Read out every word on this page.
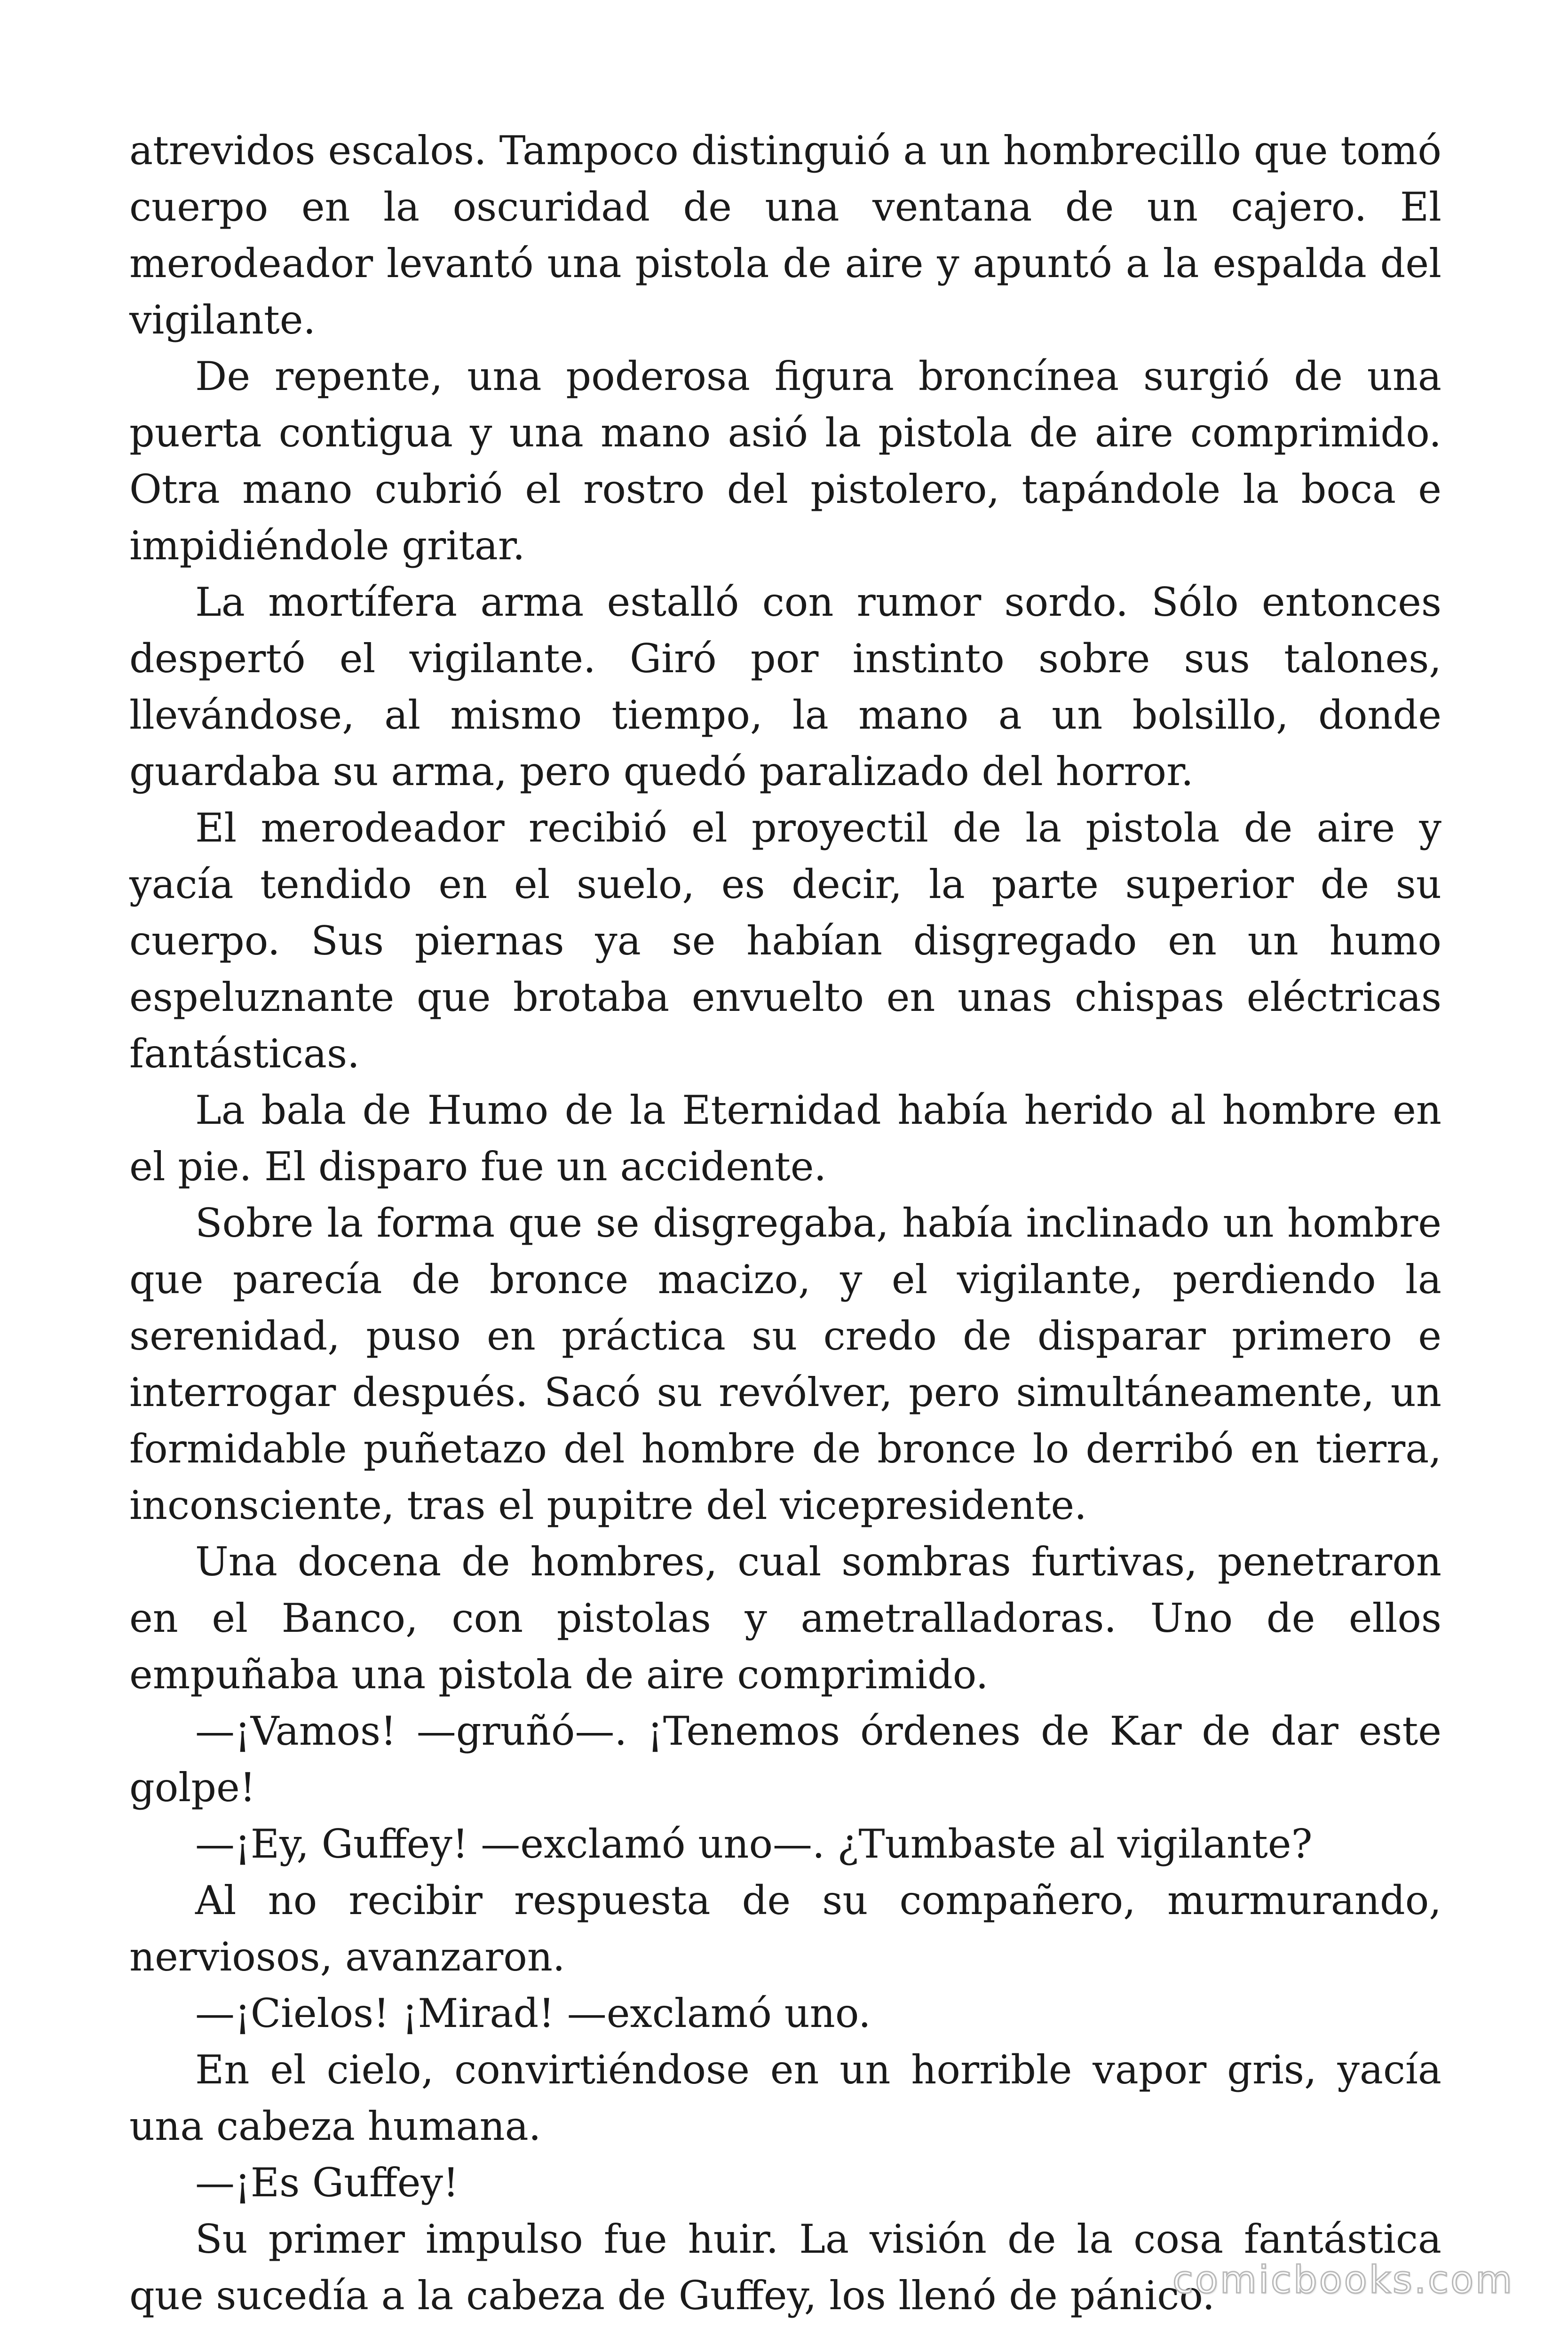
atrevidos escalos. Tampoco distinguió a un hombrecillo que tomó cuerpo en la oscuridad de una ventana de un cajero. El merodeador levantó una pistola de aire y apuntó a la espalda del vigilante.

De repente, una poderosa figura broncínea surgió de una puerta contigua y una mano asió la pistola de aire comprimido. Otra mano cubrió el rostro del pistolero, tapándole la boca e impidiéndole gritar.

La mortífera arma estalló con rumor sordo. Sólo entonces despertó el vigilante. Giró por instinto sobre sus talones, llevándose, al mismo tiempo, la mano a un bolsillo, donde guardaba su arma, pero quedó paralizado del horror.

El merodeador recibió el proyectil de la pistola de aire y yacía tendido en el suelo, es decir, la parte superior de su cuerpo. Sus piernas ya se habían disgregado en un humo espeluznante que brotaba envuelto en unas chispas eléctricas fantásticas.

La bala de Humo de la Eternidad había herido al hombre en el pie. El disparo fue un accidente.

Sobre la forma que se disgregaba, había inclinado un hombre que parecía de bronce macizo, y el vigilante, perdiendo la serenidad, puso en práctica su credo de disparar primero e interrogar después. Sacó su revólver, pero simultáneamente, un formidable puñetazo del hombre de bronce lo derribó en tierra, inconsciente, tras el pupitre del vicepresidente.

Una docena de hombres, cual sombras furtivas, penetraron en el Banco, con pistolas y ametralladoras. Uno de ellos empuñaba una pistola de aire comprimido.

—¡Vamos! —gruñó—. ¡Tenemos órdenes de Kar de dar este golpe!

—¡Ey, Guffey! —exclamó uno—. ¿Tumbaste al vigilante?

Al no recibir respuesta de su compañero, murmurando, nerviosos, avanzaron.

—¡Cielos! ¡Mirad! —exclamó uno.

En el cielo, convirtiéndose en un horrible vapor gris, yacía una cabeza humana.

—¡Es Guffey!

Su primer impulso fue huir. La visión de la cosa fantástica que sucedía a la cabeza de Guffey, los llenó de pánico.

comicbooks.com
